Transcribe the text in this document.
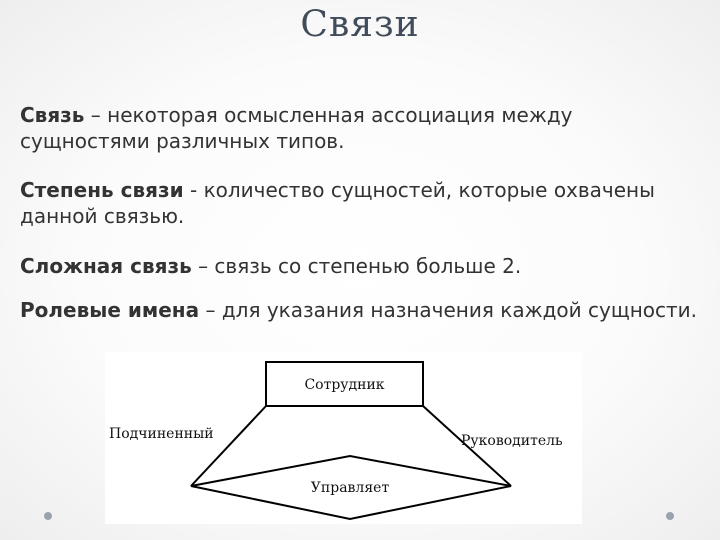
Связи
Связь – некоторая осмысленная ассоциация между сущностями различных типов.
Степень связи - количество сущностей, которые охвачены данной связью.
Сложная связь – связь со степенью больше 2.
Ролевые имена – для указания назначения каждой сущности.
Сотрудник
Управляет
Подчиненный	Руководитель
